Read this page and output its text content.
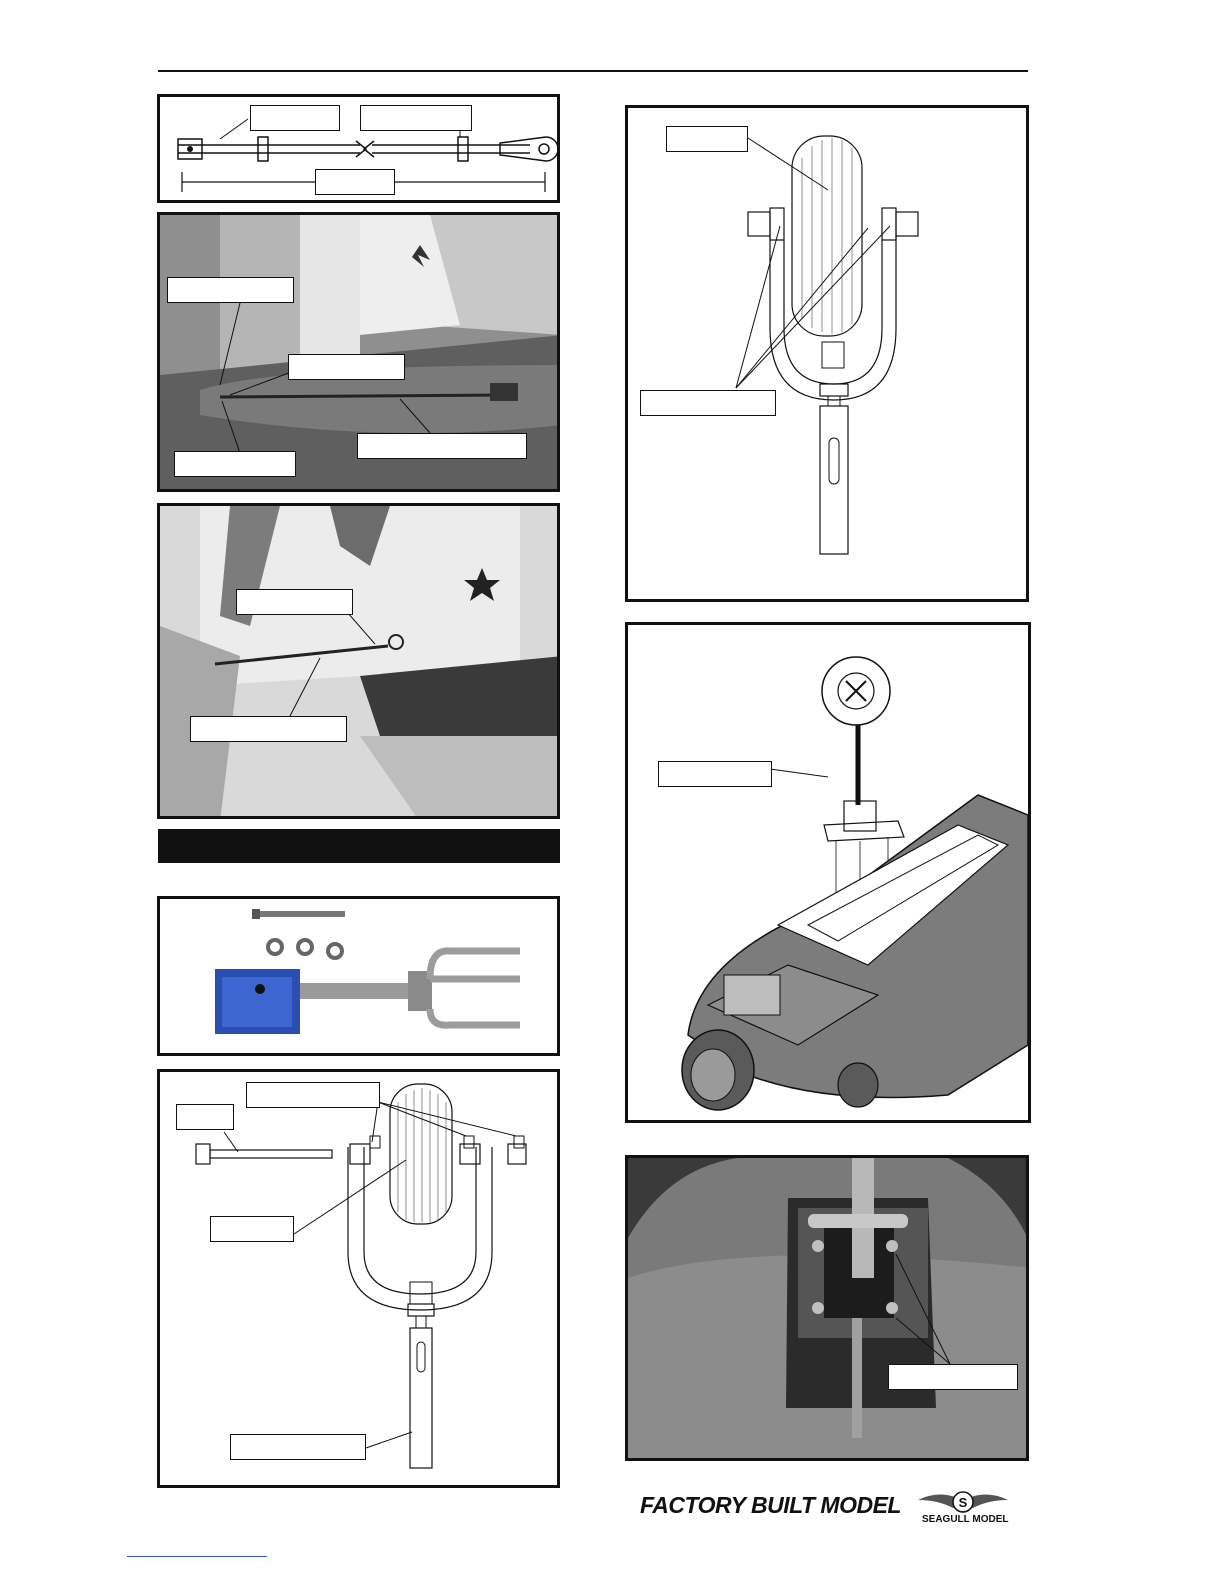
FACTORY BUILT MODEL	S
SEAGULL MODEL
